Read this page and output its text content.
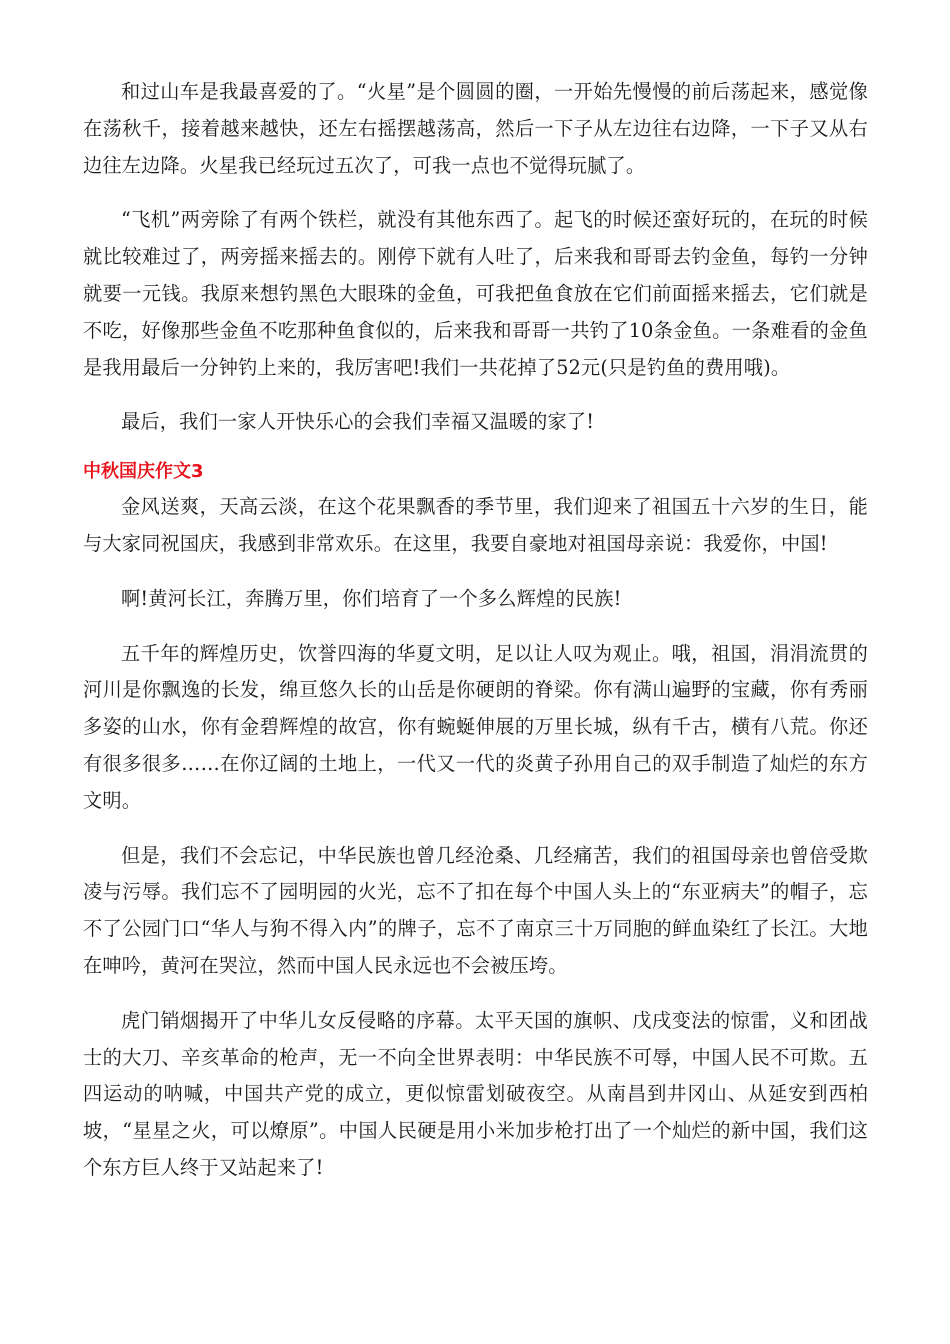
和过山车是我最喜爱的了。“火星”是个圆圆的圈，一开始先慢慢的前后荡起来，感觉像在荡秋千，接着越来越快，还左右摇摆越荡高，然后一下子从左边往右边降，一下子又从右边往左边降。火星我已经玩过五次了，可我一点也不觉得玩腻了。

“飞机”两旁除了有两个铁栏，就没有其他东西了。起飞的时候还蛮好玩的，在玩的时候就比较难过了，两旁摇来摇去的。刚停下就有人吐了，后来我和哥哥去钓金鱼，每钓一分钟就要一元钱。我原来想钓黑色大眼珠的金鱼，可我把鱼食放在它们前面摇来摇去，它们就是不吃，好像那些金鱼不吃那种鱼食似的，后来我和哥哥一共钓了10条金鱼。一条难看的金鱼是我用最后一分钟钓上来的，我厉害吧!我们一共花掉了52元(只是钓鱼的费用哦)。

最后，我们一家人开快乐心的会我们幸福又温暖的家了!

中秋国庆作文3

金风送爽，天高云淡，在这个花果飘香的季节里，我们迎来了祖国五十六岁的生日，能与大家同祝国庆，我感到非常欢乐。在这里，我要自豪地对祖国母亲说：我爱你，中国!

啊!黄河长江，奔腾万里，你们培育了一个多么辉煌的民族!

五千年的辉煌历史，饮誉四海的华夏文明，足以让人叹为观止。哦，祖国，涓涓流贯的河川是你飘逸的长发，绵亘悠久长的山岳是你硬朗的脊梁。你有满山遍野的宝藏，你有秀丽多姿的山水，你有金碧辉煌的故宫，你有蜿蜒伸展的万里长城，纵有千古，横有八荒。你还有很多很多……在你辽阔的土地上，一代又一代的炎黄子孙用自己的双手制造了灿烂的东方文明。

但是，我们不会忘记，中华民族也曾几经沧桑、几经痛苦，我们的祖国母亲也曾倍受欺凌与污辱。我们忘不了园明园的火光，忘不了扣在每个中国人头上的“东亚病夫”的帽子，忘不了公园门口“华人与狗不得入内”的牌子，忘不了南京三十万同胞的鲜血染红了长江。大地在呻吟，黄河在哭泣，然而中国人民永远也不会被压垮。

虎门销烟揭开了中华儿女反侵略的序幕。太平天国的旗帜、戊戌变法的惊雷，义和团战士的大刀、辛亥革命的枪声，无一不向全世界表明：中华民族不可辱，中国人民不可欺。五四运动的呐喊，中国共产党的成立，更似惊雷划破夜空。从南昌到井冈山、从延安到西柏坡，“星星之火，可以燎原”。中国人民硬是用小米加步枪打出了一个灿烂的新中国，我们这个东方巨人终于又站起来了!
